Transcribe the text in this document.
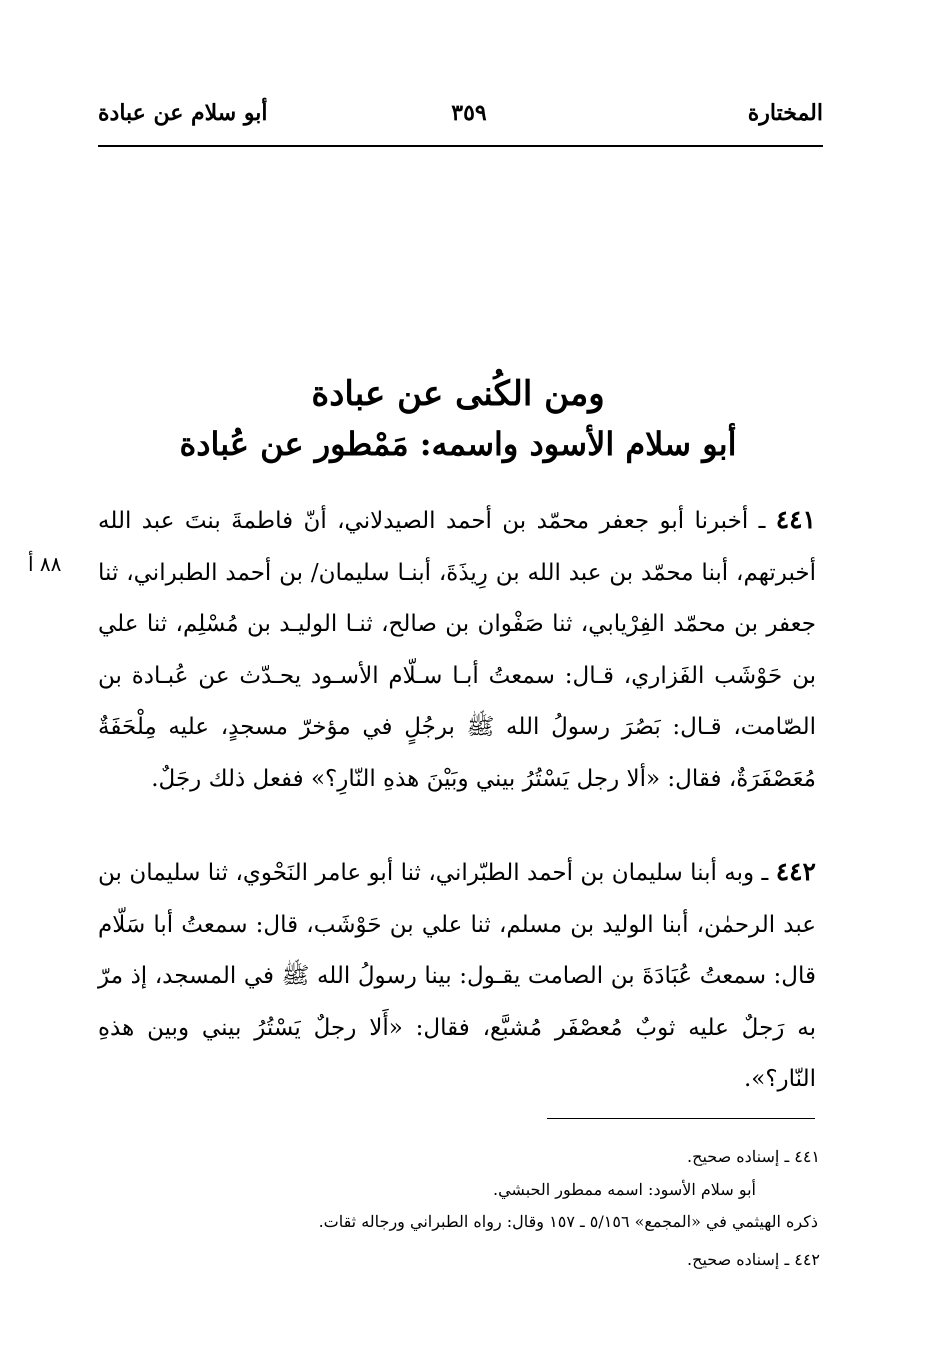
المختارة
٣٥٩
أبو سلام عن عبادة
ومن الكُنى عن عبادة
أبو سلام الأسود واسمه: مَمْطور عن عُبادة
٨٨ أ
٤٤١ ـ أخبرنا أبو جعفر محمّد بن أحمد الصيدلاني، أنّ فاطمةَ بنتَ عبد الله أخبرتهم، أبنا محمّد بن عبد الله بن رِيذَةَ، أبنـا سليمان/ بن أحمد الطبراني، ثنا جعفر بن محمّد الفِرْيابي، ثنا صَفْوان بن صالح، ثنـا الوليـد بن مُسْلِم، ثنا علي بن حَوْشَب الفَزاري، قـال: سمعتُ أبـا سـلّام الأسـود يحـدّث عن عُبـادة بن الصّامت، قـال: بَصُرَ رسولُ الله ﷺ برجُلٍ في مؤخرّ مسجدٍ، عليه مِلْحَفَةٌ مُعَصْفَرَةٌ، فقال: «ألا رجل يَسْتُرُ بيني وبَيْنَ هذهِ النّارِ؟» ففعل ذلك رجَلٌ.
٤٤٢ ـ وبه أبنا سليمان بن أحمد الطبّراني، ثنا أبو عامر النَحْوي، ثنا سليمان بن عبد الرحمٰن، أبنا الوليد بن مسلم، ثنا علي بن حَوْشَب، قال: سمعتُ أبا سَلّام قال: سمعتُ عُبَادَةَ بن الصامت يقـول: بينا رسولُ الله ﷺ في المسجد، إذ مرّ به رَجلٌ عليه ثوبٌ مُعصْفَر مُشبَّع، فقال: «أَلا رجلٌ يَسْتُرُ بيني وبين هذهِ النّار؟».
٤٤١ ـ إسناده صحيح.
أبو سلام الأسود: اسمه ممطور الحبشي.
ذكره الهيثمي في «المجمع» ٥/١٥٦ ـ ١٥٧ وقال: رواه الطبراني ورجاله ثقات.
٤٤٢ ـ إسناده صحيح.
